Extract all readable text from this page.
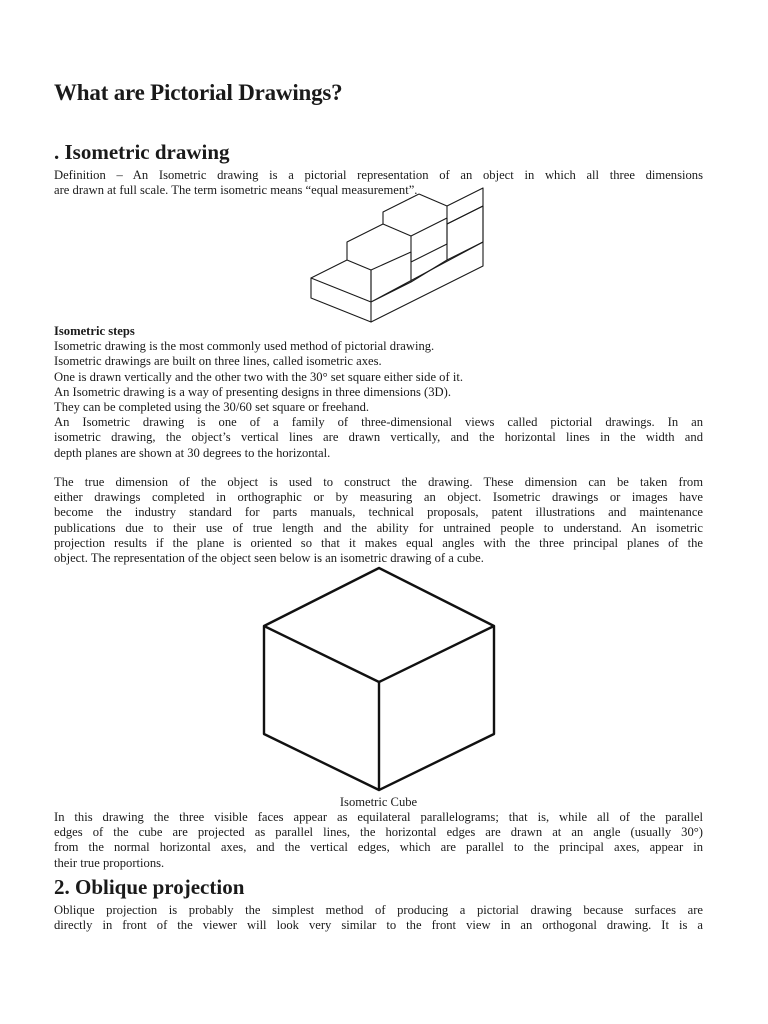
What are Pictorial Drawings?
. Isometric drawing
Definition – An Isometric drawing is a pictorial representation of an object in which all three dimensions
are drawn at full scale. The term isometric means “equal measurement”.
Isometric steps
Isometric drawing is the most commonly used method of pictorial drawing.
Isometric drawings are built on three lines, called isometric axes.
One is drawn vertically and the other two with the 30° set square either side of it.
An Isometric drawing is a way of presenting designs in three dimensions (3D).
They can be completed using the 30/60 set square or freehand.
An Isometric drawing is one of a family of three-dimensional views called pictorial drawings. In an
isometric drawing, the object’s vertical lines are drawn vertically, and the horizontal lines in the width and
depth planes are shown at 30 degrees to the horizontal.
The true dimension of the object is used to construct the drawing. These dimension can be taken from
either drawings completed in orthographic or by measuring an object. Isometric drawings or images have
become the industry standard for parts manuals, technical proposals, patent illustrations and maintenance
publications due to their use of true length and the ability for untrained people to understand. An isometric
projection results if the plane is oriented so that it makes equal angles with the three principal planes of the
object. The representation of the object seen below is an isometric drawing of a cube.
Isometric Cube
In this drawing the three visible faces appear as equilateral parallelograms; that is, while all of the parallel
edges of the cube are projected as parallel lines, the horizontal edges are drawn at an angle (usually 30°)
from the normal horizontal axes, and the vertical edges, which are parallel to the principal axes, appear in
their true proportions.
2. Oblique projection
Oblique projection is probably the simplest method of producing a pictorial drawing because surfaces are
directly in front of the viewer will look very similar to the front view in an orthogonal drawing. It is a
